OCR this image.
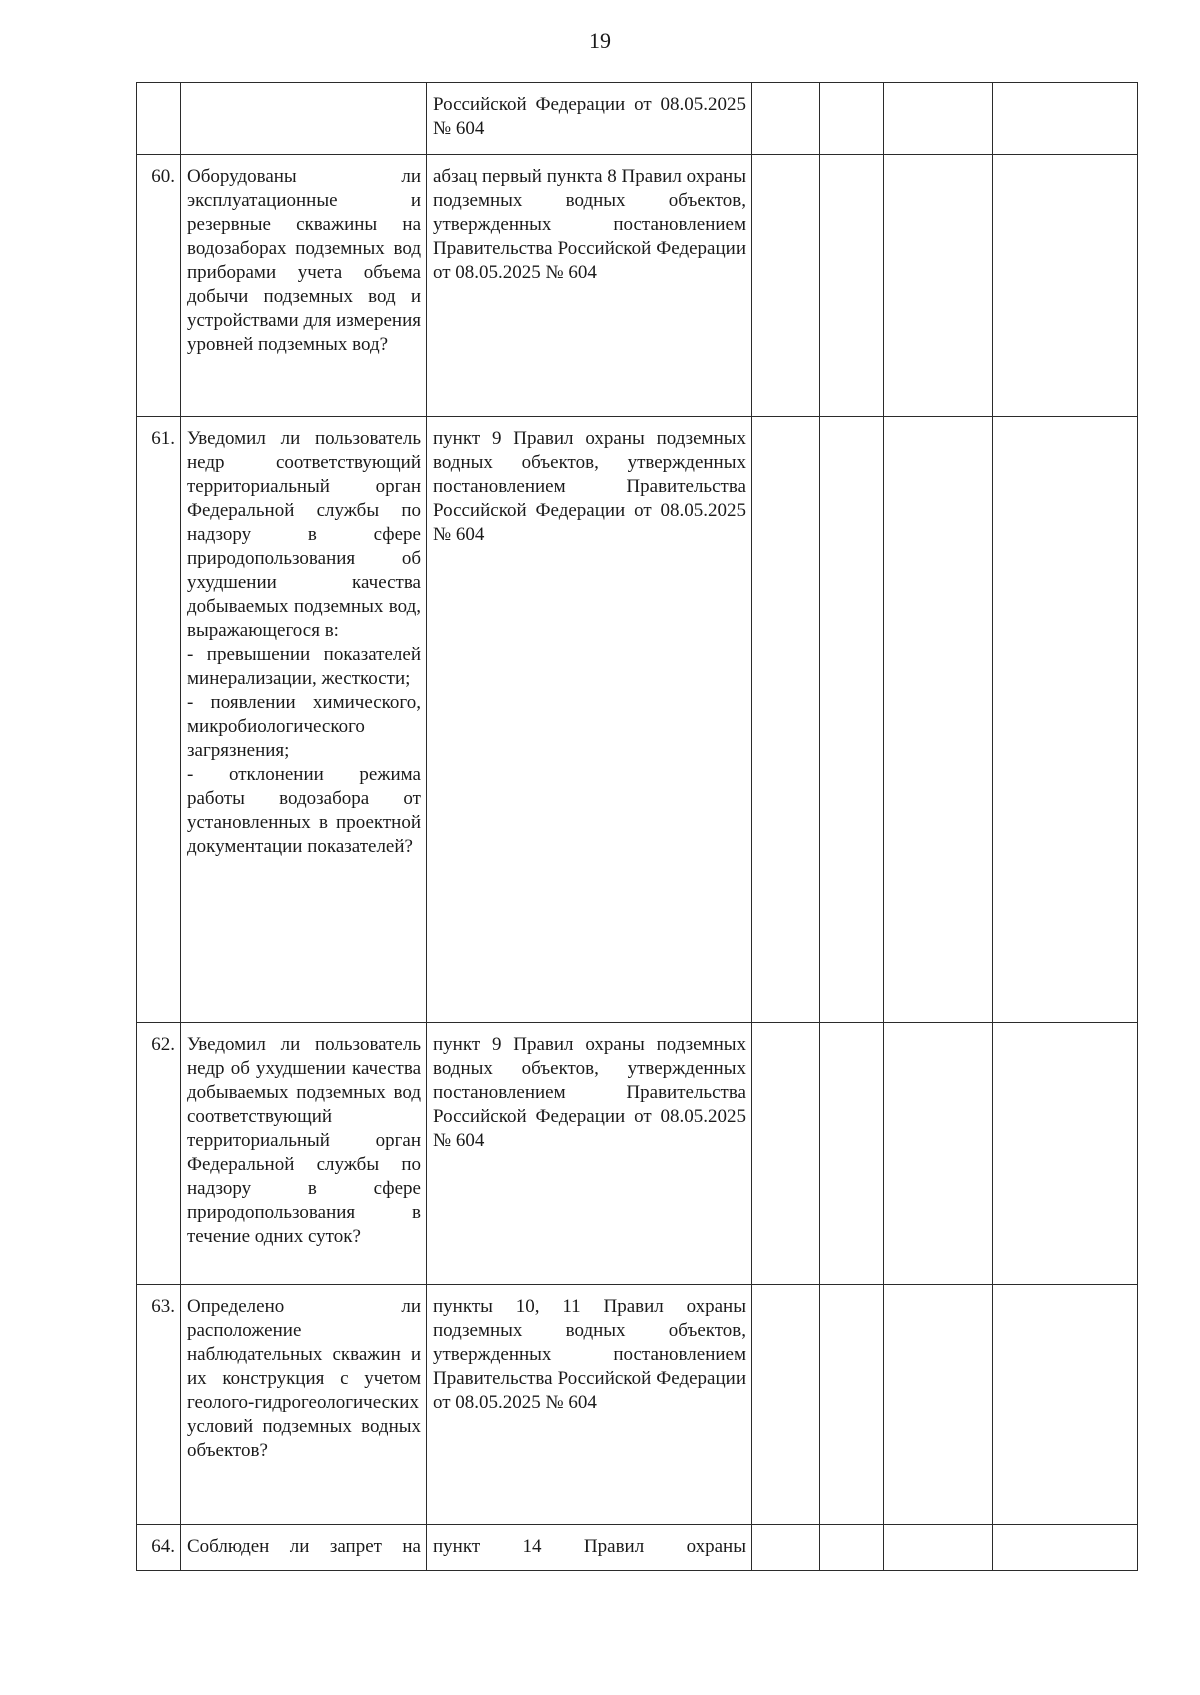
19
		Российской Федерации от 08.05.2025 № 604				
60.	Оборудованы ли эксплуатационные и резервные скважины на водозаборах подземных вод приборами учета объема добычи подземных вод и устройствами для измерения уровней подземных вод?	абзац первый пункта 8 Правил охраны подземных водных объектов, утвержденных постановлением Правительства Российской Федерации от 08.05.2025 № 604				
61.	Уведомил ли пользователь недр соответствующий территориальный орган Федеральной службы по надзору в сфере природопользования об ухудшении качества добываемых подземных вод, выражающегося в:
- превышении показателей минерализации, жесткости;
- появлении химического, микробиологического загрязнения;
- отклонении режима работы водозабора от установленных в проектной документации показателей?	пункт 9 Правил охраны подземных водных объектов, утвержденных постановлением Правительства Российской Федерации от 08.05.2025 № 604				
62.	Уведомил ли пользователь недр об ухудшении качества добываемых подземных вод соответствующий территориальный орган Федеральной службы по надзору в сфере природопользования в течение одних суток?	пункт 9 Правил охраны подземных водных объектов, утвержденных постановлением Правительства Российской Федерации от 08.05.2025 № 604				
63.	Определено ли расположение наблюдательных скважин и их конструкция с учетом геолого-гидрогеологических условий подземных водных объектов?	пункты 10, 11 Правил охраны подземных водных объектов, утвержденных постановлением Правительства Российской Федерации от 08.05.2025 № 604				
64.	Соблюден ли запрет на	пункт 14 Правил охраны				
